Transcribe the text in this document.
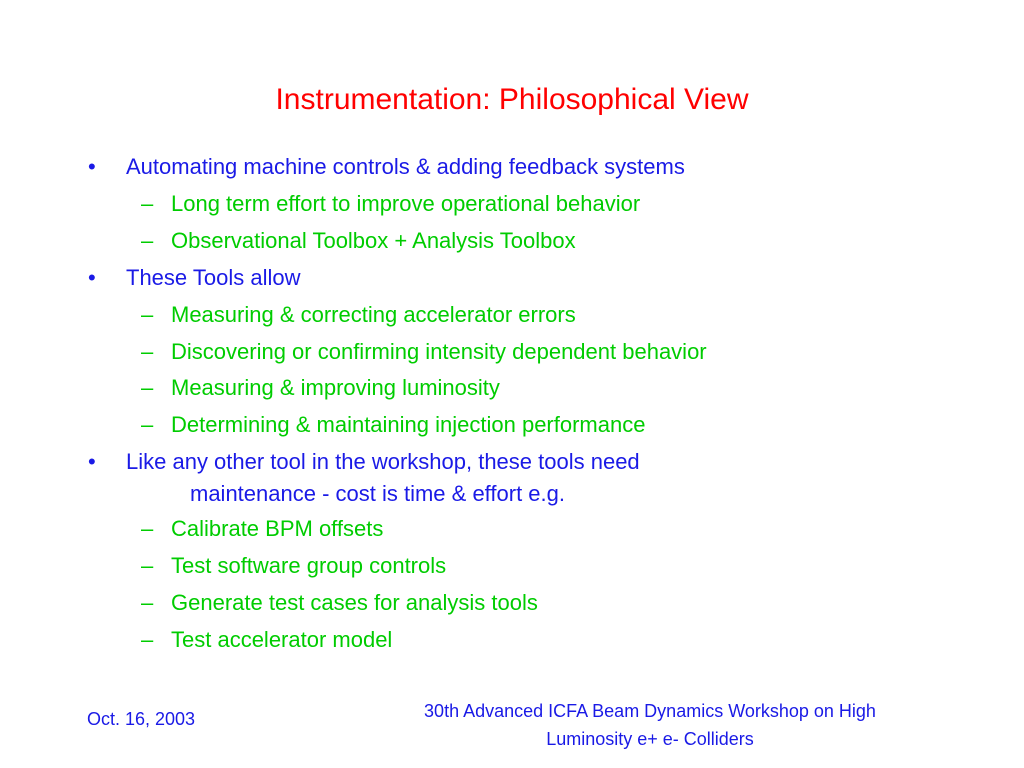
Instrumentation: Philosophical View
• Automating machine controls & adding feedback systems
– Long term effort to improve operational behavior
– Observational Toolbox + Analysis Toolbox
• These Tools allow
– Measuring & correcting accelerator errors
– Discovering or confirming intensity dependent behavior
– Measuring & improving luminosity
– Determining & maintaining injection performance
• Like any other tool in the workshop, these tools need
maintenance - cost is time & effort e.g.
– Calibrate BPM offsets
– Test software group controls
– Generate test cases for analysis tools
– Test accelerator model
Oct. 16, 2003	30th Advanced ICFA Beam Dynamics Workshop on High
Luminosity e+ e- Colliders
